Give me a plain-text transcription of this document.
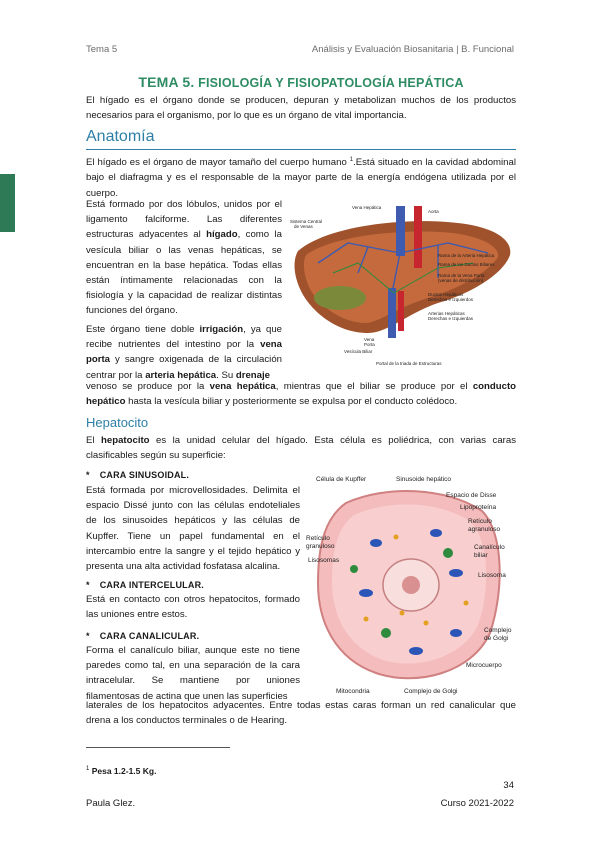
Tema 5	Análisis y Evaluación Biosanitaria | B. Funcional
TEMA 5. FISIOLOGÍA Y FISIOPATOLOGÍA HEPÁTICA
El hígado es el órgano donde se producen, depuran y metabolizan muchos de los productos necesarios para el organismo, por lo que es un órgano de vital importancia.
Anatomía
El hígado es el órgano de mayor tamaño del cuerpo humano $^1$.Está situado en la cavidad abdominal bajo el diafragma y es el responsable de la mayor parte de la energía endógena utilizada por el cuerpo.
Está formado por dos lóbulos, unidos por el ligamento falciforme. Las diferentes estructuras adyacentes al hígado, como la vesícula biliar o las venas hepáticas, se encuentran en la base hepática. Todas ellas están íntimamente relacionadas con la fisiología y la capacidad de realizar distintas funciones del órgano.
Este órgano tiene doble irrigación, ya que recibe nutrientes del intestino por la vena porta y sangre oxigenada de la circulación centrar por la arteria hepática. Su drenaje
venoso se produce por la vena hepática, mientras que el biliar se produce por el conducto hepático hasta la vesícula biliar y posteriormente se expulsa por el conducto colédoco.
Vena Hepática
Aorta
Sistema Central
de Venas
Rama de la Arteria Hepática
Rama de los Ductos Biliares
Rama de la Vena Porta
(venas de distribución)
Ductos Hepáticos
Derechos e Izquierdos
Arterias Hepáticas
Derechas e Izquierdas
Vena
Porta
Vesícula Biliar
Portal de la triada de Estructuras
Hepatocito
El hepatocito es la unidad celular del hígado. Esta célula es poliédrica, con varias caras clasificables según su superficie:
* CARA SINUSOIDAL.
Está formada por microvellosidades. Delimita el espacio Dissé junto con las células endoteliales de los sinusoides hepáticos y las células de Kupffer. Tiene un papel fundamental en el intercambio entre la sangre y el tejido hepático y presenta una alta actividad fosfatasa alcalina.
* CARA INTERCELULAR.
Está en contacto con otros hepatocitos, formado las uniones entre estos.
* CARA CANALICULAR.
Forma el canalículo biliar, aunque este no tiene paredes como tal, en una separación de la cara intracelular. Se mantiene por uniones filamentosas de actina que unen las superficies
laterales de los hepatocitos adyacentes. Entre todas estas caras forman un red canalicular que drena a los conductos terminales o de Hearing.
Célula de Kupffer	Sinusoide hepático
Espacio de Disse
Lipoproteína
Retículo
agranuloso
Canalículo
biliar
Retículo
granuloso
Lisosomas
Lisosoma
Complejo
de Golgi
Microcuerpo
Mitocondria	Complejo de Golgi
$^1$ Pesa 1.2-1.5 Kg.
34
Paula Glez.	Curso 2021-2022
